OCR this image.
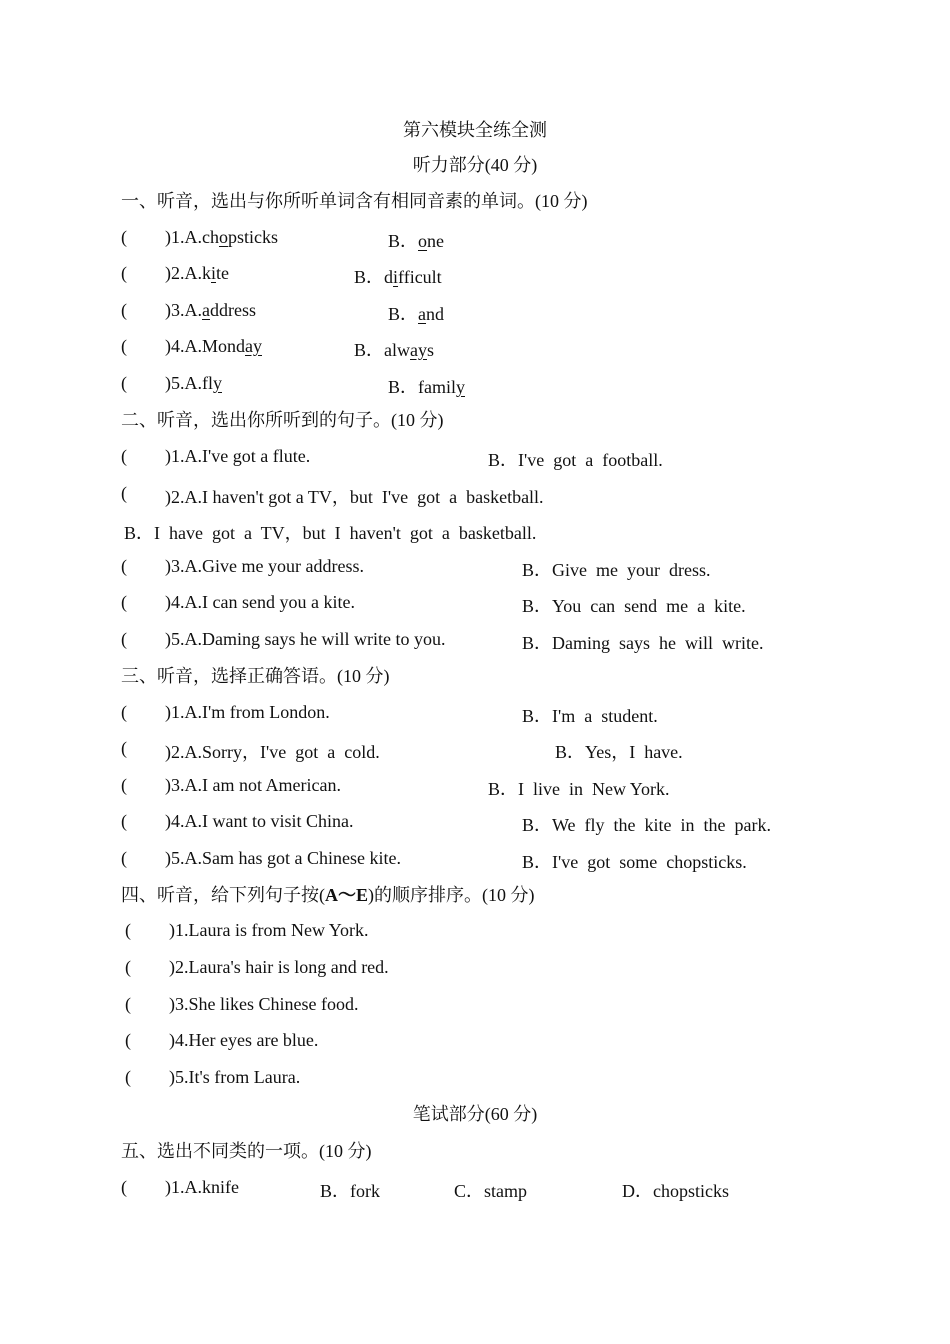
第六模块全练全测
听力部分(40 分)
一、听音，选出与你所听单词含有相同音素的单词。(10 分)
( )1.A.chopsticks	B．one
( )2.A.kite	B．difficult
( )3.A.address	B．and
( )4.A.Monday	B．always
( )5.A.fly	B．family
二、听音，选出你所听到的句子。(10 分)
( )1.A.I've got a flute.	B．I've  got  a  football.
( )2.A.I haven't got a TV，but  I've  got  a  basketball.
B．I  have  got  a  TV，but  I  haven't  got  a  basketball.
( )3.A.Give me your address.	B．Give  me  your  dress.
( )4.A.I can send you a kite.	B．You  can  send  me  a  kite.
( )5.A.Daming says he will write to you.	B．Daming  says  he  will  write.
三、听音，选择正确答语。(10 分)
( )1.A.I'm from London.	B．I'm  a  student.
( )2.A.Sorry，I've  got  a  cold.	B．Yes，I  have.
( )3.A.I am not American.	B．I  live  in  New York.
( )4.A.I want to visit China.	B．We  fly  the  kite  in  the  park.
( )5.A.Sam has got a Chinese kite.	B．I've  got  some  chopsticks.
四、听音，给下列句子按(A～E)的顺序排序。(10 分)
( )1.Laura is from New York.
( )2.Laura's hair is long and red.
( )3.She likes Chinese food.
( )4.Her eyes are blue.
( )5.It's from Laura.
笔试部分(60 分)
五、选出不同类的一项。(10 分)
( )1.A.knife	B．fork	C．stamp	D．chopsticks
